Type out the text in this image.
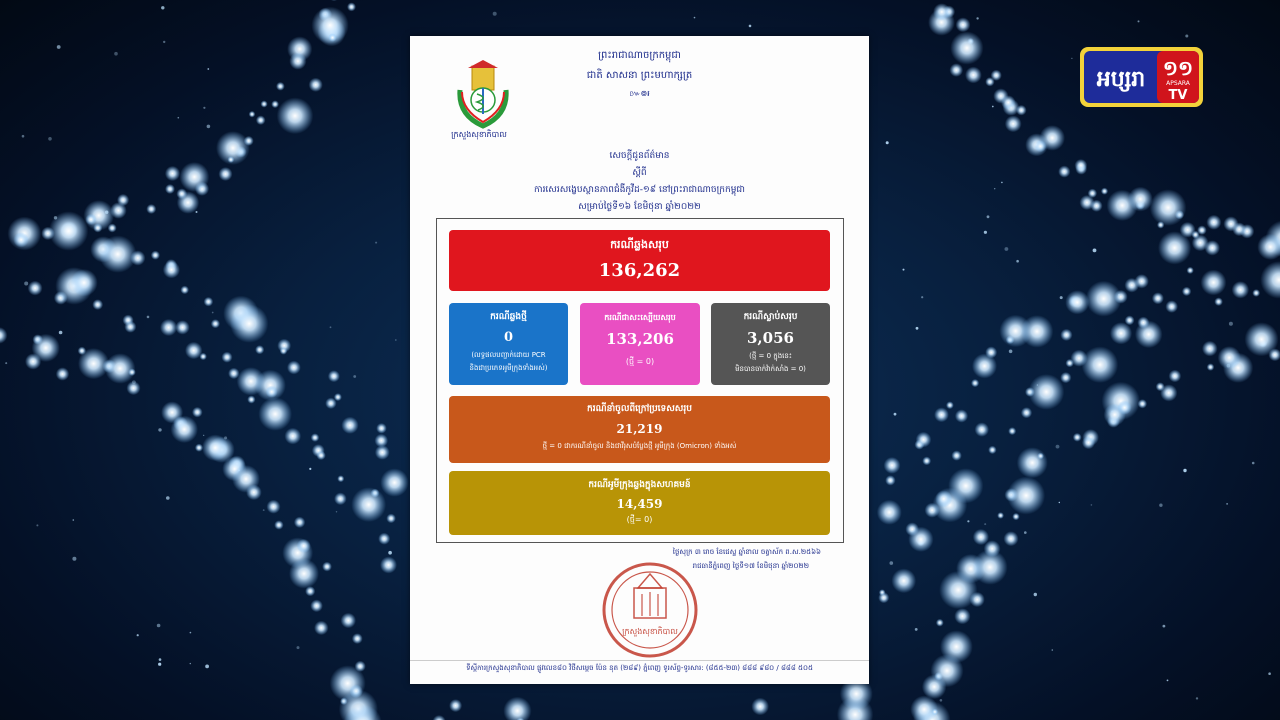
ព្រះរាជាណាចក្រកម្ពុជា
ជាតិ សាសនា ព្រះមហាក្សត្រ
៚៙៛
ក្រសួងសុខាភិបាល
សេចក្តីជូនព័ត៌មាន
ស្តីពី
ការសេរសង្ខេបស្ថានភាពជំងឺកូវីដ-១៩ នៅព្រះរាជាណាចក្រកម្ពុជា
សម្រាប់ថ្ងៃទី១៦ ខែមិថុនា ឆ្នាំ២០២២
ករណីឆ្លងសរុប
136,262
ករណីឆ្លងថ្មី
0
(លទ្ធផលបញ្ជាក់ដោយ PCR
និងជាប្រភេទអូមីក្រុងទាំងអស់)
ករណីជាសះស្បើយសរុប
133,206
(ថ្មី = 0)
ករណីស្លាប់សរុប
3,056
(ថ្មី = 0 ក្នុងនេះ
មិនបានចាក់វ៉ាក់សាំង = 0)
ករណីនាំចូលពីក្រៅប្រទេសសរុប
21,219
ថ្មី = 0 ជាករណីនាំចូល និងជាវីរុសបំប្លែងថ្មី អូមីក្រុង (Omicron) ទាំងអស់
ករណីអូមីក្រុងឆ្លងក្នុងសហគមន៍
14,459
(ថ្មី= 0)
ថ្ងៃសុក្រ ៣ រោច ខែជេស្ឋ ឆ្នាំខាល ចត្វាស័ក ព.ស.២៥៦៦
រាជធានីភ្នំពេញ ថ្ងៃទី១៧ ខែមិថុនា ឆ្នាំ២០២២
ក្រសួងសុខាភិបាល
ទីស្តីការក្រសួងសុខាភិបាល ផ្លូវលេខ៨០ វិថីសម្តេច ប៉ែន នុត (២៨៩) ភ្នំពេញ ទូរស័ព្ទ-ទូរសារ: (៨៥៥-២៣) ៨៨៨ ៩៨០ / ៨៨៨ ៥០៥
អប្សរា ១១
APSARA
TV
